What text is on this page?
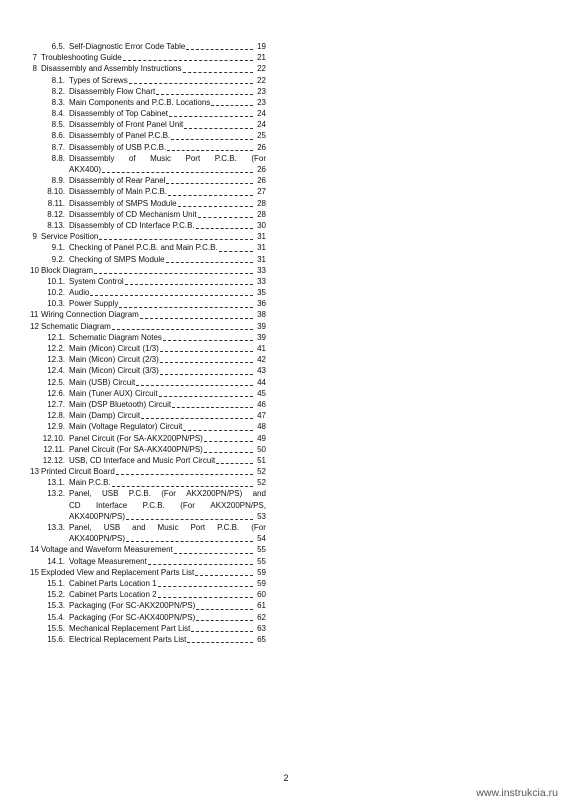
6.5. Self-Diagnostic Error Code Table	19
7 Troubleshooting Guide	21
8 Disassembly and Assembly Instructions	22
8.1. Types of Screws	22
8.2. Disassembly Flow Chart	23
8.3. Main Components and P.C.B. Locations	23
8.4. Disassembly of Top Cabinet	24
8.5. Disassembly of Front Panel Unit	24
8.6. Disassembly of Panel P.C.B.	25
8.7. Disassembly of USB P.C.B.	26
8.8. Disassembly of Music Port P.C.B. (For
AKX400)	26
8.9. Disassembly of Rear Panel	26
8.10. Disassembly of Main P.C.B.	27
8.11. Disassembly of SMPS Module	28
8.12. Disassembly of CD Mechanism Unit	28
8.13. Disassembly of CD Interface P.C.B.	30
9 Service Position	31
9.1. Checking of Panel P.C.B. and Main P.C.B.	31
9.2. Checking of SMPS Module	31
10 Block Diagram	33
10.1. System Control	33
10.2. Audio	35
10.3. Power Supply	36
11 Wiring Connection Diagram	38
12 Schematic Diagram	39
12.1. Schematic Diagram Notes	39
12.2. Main (Micon) Circuit (1/3)	41
12.3. Main (Micon) Circuit (2/3)	42
12.4. Main (Micon) Circuit (3/3)	43
12.5. Main (USB) Circuit	44
12.6. Main (Tuner AUX) Circuit	45
12.7. Main (DSP Bluetooth) Circuit	46
12.8. Main (Damp) Circuit	47
12.9. Main (Voltage Regulator) Circuit	48
12.10. Panel Circuit (For SA-AKX200PN/PS)	49
12.11. Panel Circuit (For SA-AKX400PN/PS)	50
12.12. USB, CD Interface and Music Port Circuit	51
13 Printed Circuit Board	52
13.1. Main P.C.B.	52
13.2. Panel, USB P.C.B. (For AKX200PN/PS) and
CD Interface P.C.B. (For AKX200PN/PS,
AKX400PN/PS)	53
13.3. Panel, USB and Music Port P.C.B. (For
AKX400PN/PS)	54
14 Voltage and Waveform Measurement	55
14.1. Voltage Measurement	55
15 Exploded View and Replacement Parts List	59
15.1. Cabinet Parts Location 1	59
15.2. Cabinet Parts Location 2	60
15.3. Packaging (For SC-AKX200PN/PS)	61
15.4. Packaging (For SC-AKX400PN/PS)	62
15.5. Mechanical Replacement Part List	63
15.6. Electrical Replacement Parts List	65
2
www.instrukcia.ru
